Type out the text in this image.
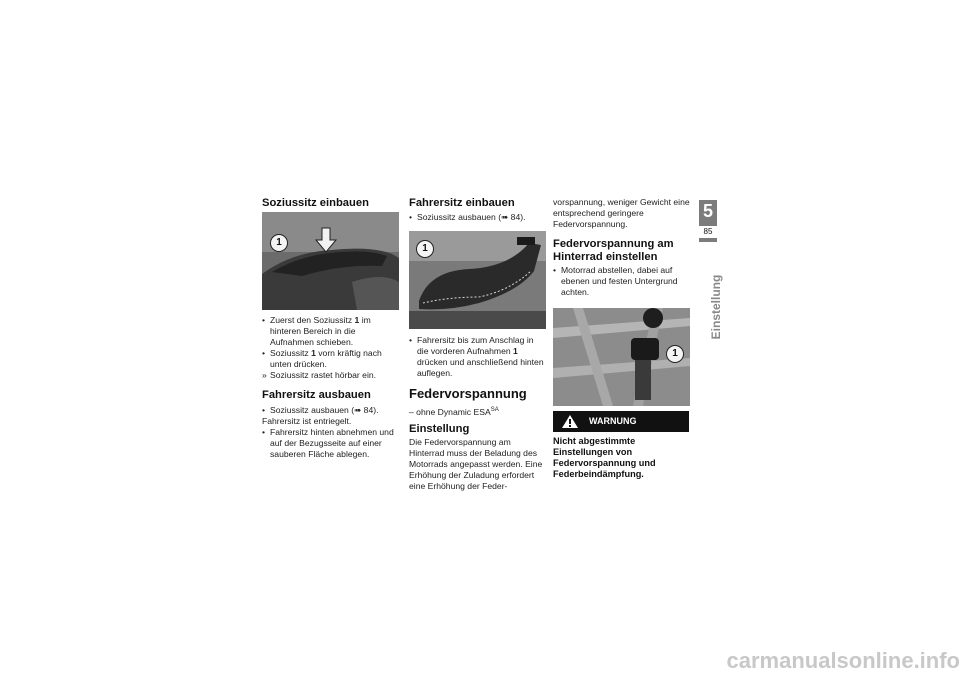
Soziussitz einbauen
1
• Zuerst den Soziussitz 1 im hinteren Bereich in die Aufnahmen schieben.
• Soziussitz 1 vorn kräftig nach unten drücken.
» Soziussitz rastet hörbar ein.
Fahrersitz ausbauen
• Soziussitz ausbauen (➠ 84).
Fahrersitz ist entriegelt.
• Fahrersitz hinten abnehmen und auf der Bezugsseite auf einer sauberen Fläche ablegen.
Fahrersitz einbauen
• Soziussitz ausbauen (➠ 84).
1
• Fahrersitz bis zum Anschlag in die vorderen Aufnahmen 1 drücken und anschließend hinten auflegen.
Federvorspannung
– ohne Dynamic $ESA^{SA}$
Einstellung
Die Federvorspannung am Hinterrad muss der Beladung des Motorrads angepasst werden. Eine Erhöhung der Zuladung erfordert eine Erhöhung der Feder-
vorspannung, weniger Gewicht eine entsprechend geringere Federvorspannung.
Federvorspannung am Hinterrad einstellen
• Motorrad abstellen, dabei auf ebenen und festen Untergrund achten.
1
WARNUNG
Nicht abgestimmte Einstellungen von Federvorspannung und Federbeindämpfung.
5
85
Einstellung
carmanualsonline.info
